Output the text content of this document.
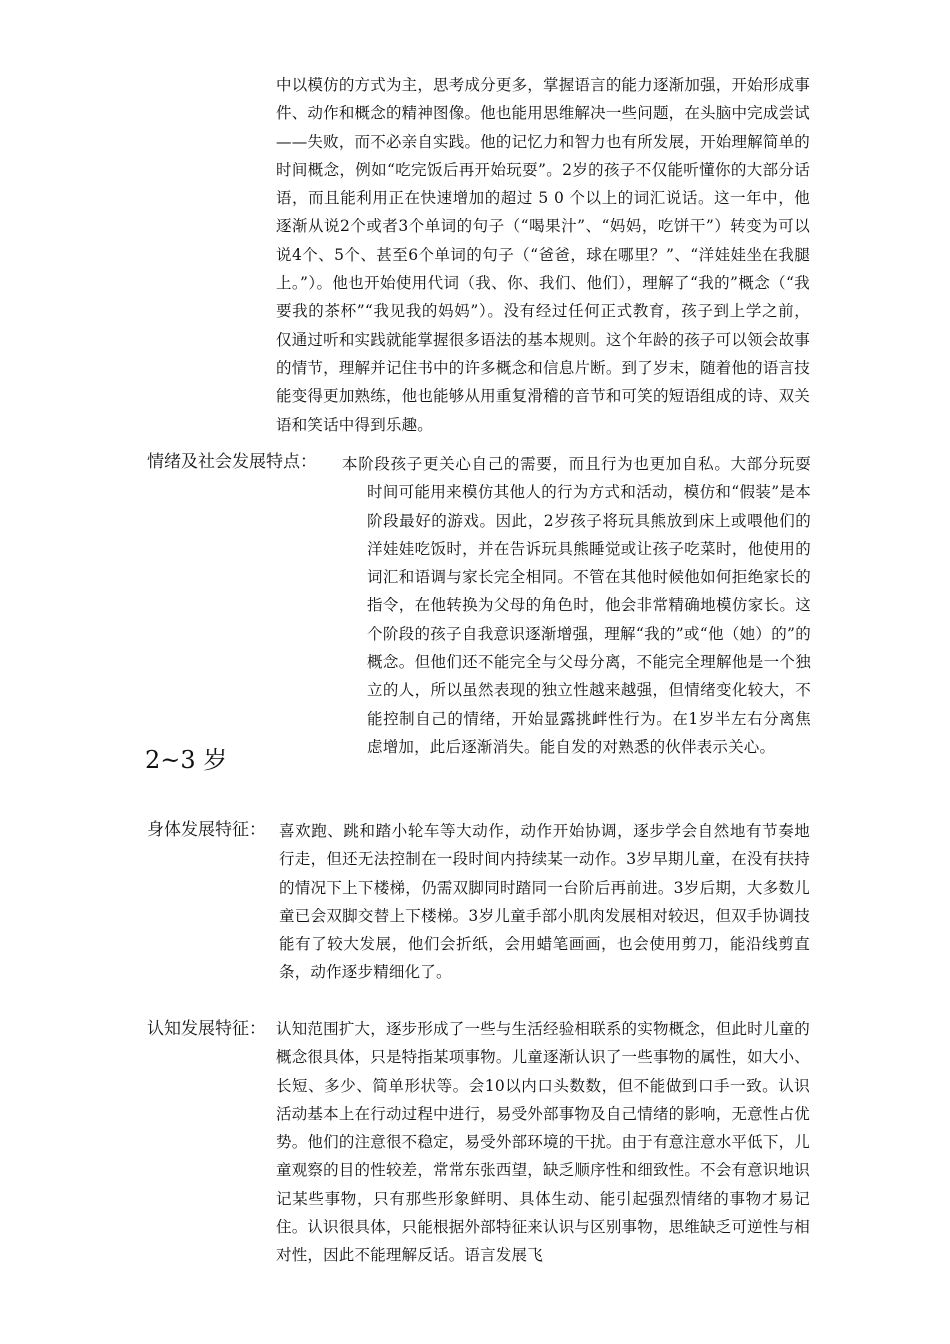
中以模仿的方式为主，思考成分更多，掌握语言的能力逐渐加强，开始形成事件、动作和概念的精神图像。他也能用思维解决一些问题，在头脑中完成尝试——失败，而不必亲自实践。他的记忆力和智力也有所发展，开始理解简单的时间概念，例如“吃完饭后再开始玩耍”。2岁的孩子不仅能听懂你的大部分话语，而且能利用正在快速增加的超过 5 0 个以上的词汇说话。这一年中，他逐渐从说2个或者3个单词的句子（“喝果汁”、“妈妈，吃饼干”）转变为可以说4个、5个、甚至6个单词的句子（“爸爸，球在哪里？”、“洋娃娃坐在我腿上。”）。他也开始使用代词（我、你、我们、他们），理解了“我的”概念（“我要我的茶杯”“我见我的妈妈”）。没有经过任何正式教育，孩子到上学之前，仅通过听和实践就能掌握很多语法的基本规则。这个年龄的孩子可以领会故事的情节，理解并记住书中的许多概念和信息片断。到了岁末，随着他的语言技能变得更加熟练，他也能够从用重复滑稽的音节和可笑的短语组成的诗、双关语和笑话中得到乐趣。
情绪及社会发展特点： 本阶段孩子更关心自己的需要，而且行为也更加自私。大部分玩耍时间可能用来模仿其他人的行为方式和活动，模仿和“假装”是本阶段最好的游戏。因此，2岁孩子将玩具熊放到床上或喂他们的洋娃娃吃饭时，并在告诉玩具熊睡觉或让孩子吃菜时，他使用的词汇和语调与家长完全相同。不管在其他时候他如何拒绝家长的指令，在他转换为父母的角色时，他会非常精确地模仿家长。这个阶段的孩子自我意识逐渐增强，理解“我的”或“他（她）的”的概念。但他们还不能完全与父母分离，不能完全理解他是一个独立的人，所以虽然表现的独立性越来越强，但情绪变化较大，不能控制自己的情绪，开始显露挑衅性行为。在1岁半左右分离焦虑增加，此后逐渐消失。能自发的对熟悉的伙伴表示关心。
2~3 岁
身体发展特征： 喜欢跑、跳和踏小轮车等大动作，动作开始协调，逐步学会自然地有节奏地行走，但还无法控制在一段时间内持续某一动作。3岁早期儿童，在没有扶持的情况下上下楼梯，仍需双脚同时踏同一台阶后再前进。3岁后期，大多数儿童已会双脚交替上下楼梯。3岁儿童手部小肌肉发展相对较迟，但双手协调技能有了较大发展，他们会折纸，会用蜡笔画画，也会使用剪刀，能沿线剪直条，动作逐步精细化了。
认知发展特征： 认知范围扩大，逐步形成了一些与生活经验相联系的实物概念，但此时儿童的概念很具体，只是特指某项事物。儿童逐渐认识了一些事物的属性，如大小、长短、多少、简单形状等。会10以内口头数数，但不能做到口手一致。认识活动基本上在行动过程中进行，易受外部事物及自己情绪的影响，无意性占优势。他们的注意很不稳定，易受外部环境的干扰。由于有意注意水平低下，儿童观察的目的性较差，常常东张西望，缺乏顺序性和细致性。不会有意识地识记某些事物，只有那些形象鲜明、具体生动、能引起强烈情绪的事物才易记住。认识很具体，只能根据外部特征来认识与区别事物，思维缺乏可逆性与相对性，因此不能理解反话。语言发展飞
